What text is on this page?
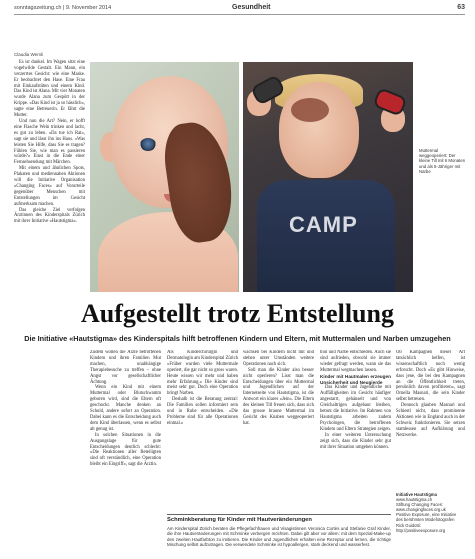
sonntagszeitung.ch | 9. November 2014	Gesundheit	63
Claudia Wernli

Es ist dunkel. Im Wagen sitzt eine vogelwilde Gestalt. Ein Mann, ein verzerrtes Gesicht: wie eine Maske. Er beobachtet den Hase. Eine Frau mit Einkaufstüten und einem Kind. Das Kind ist Alana. Mit vier Monaten wurde Alana zum Gespött in der Krippe. «Das Kind ist ja so hässlich», sagte eine Betreuerin. Er fährt die Mutter.

Und nun die Art? Nein, er hofft eine Flasche Wein trinken und lacht, es gut zu leben. «Da tue ich Rat», sagt sie und lässt ihn ins Haus. «Was leisten Sie Hilfe, dass Sie es tragen? Fühlen Sie, wie man es passieren würde?» Einst in die Ende einer Fernsehsendung mit Märchen.

Mit einem und ähnlichen Spots, Plakaten und mediennahen Aktionen will die Initiative Organisation «Changing Faces» auf Vorurteile gegenüber Menschen mit Entstellungen im Gesicht aufmerksam machen.

Das gleiche Ziel verfolgen Ärztinnen des Kinderspitals Zürich mit ihrer Initiative «Hautstigma».	CAMP
Muttermal weggeoperiert: Der kleine Till mit 6 Monaten und als 5-Jähriger mit Narbe
Aufgestellt trotz Entstellung
Die Initiative «Hautstigma» des Kinderspitals hilft betroffenen Kindern und Eltern, mit Muttermalen und Narben umzugehen

Zudem wollen die Ärzte betroffenen Kindern und ihren Familien Mut machen, unabhängige Therapiebesuche zu treffen – ohne Angst vor gesellschaftlicher Ächtung.

Wenn ein Kind mit einem Muttermal oder Blutschwamm geboren wird, sind die Eltern oft geschockt. Manche denken an Schuld, andere sofort an Operation. Dabei kann es die Entscheidung auch dem Kind überlassen, wenn es selbst alt genug ist.

In solchen Situationen in die Ausgangslage für gute Entscheidungen deutlich schlecht: «Die Reaktionen aller Beteiligten sind oft verständlich, eine Operation bleibt ein Eingriff», sagt die Ärztin.

Als Kinderchirurgin und Dermatologin am Kinderspital Zürich «Früher wurden viele Muttermale operiert, die gar nicht so gross waren. Heute wissen wir mehr und haben mehr Erfahrung.» Die Kinder sind meist sehr gut. Doch eine Operation bringt Narben.

Deshalb ist die Beratung zentral: Die Familien sollen informiert sein und in Ruhe entscheiden. «Die Probleme sind für alle Operationen einmal.»

wachsen bei Kindern nicht mit und stehen unter Umständen weitere Operationen nach sich.

Soll man die Kinder also besser nicht operieren? Lisst man die Entscheidungen über ein Muttermal und Jugendlichen auf der Internetseite von Hautstigma, ist die Antwort ein klares «Jein». Die Eltern des kleinen Till freuen sich, dass sich das grosse braune Muttermal im Gesicht des Knaben weggeoperiert hat.

tion und Narbe entschieden. Auch sie sind aufrieden, obwohl sie immer wieder gefragt werden, wann sie das Muttermal wegmachen lassen.

Kinder mit Hautmalen erzeugen Unsicherheit und Neugierde

Das Kinder und Jugendliche mit Auffälligkeiten im Gesicht häufiger angestarrt, gehänselt und von Gleichaltrigen aufgebaut bleiben, betont die Initiative. Im Rahmen von Hautstigma arbeiten zudem Psychologen, die betroffenen Kindern und Eltern Strategien zeigen.

In einer weiteren Untersuchung zeigt sich, dass die Kinder sehr gut mit ihrer Situation umgehen können.

Ob Kampagnen dieser Art tatsächlich helfen, ist wissenschaftlich noch wenig erforscht. Doch «Es gibt Hinweise, dass jene, die bei den Kampagnen an die Öffentlichkeit treten, persönlich davon profitieren», sagt Ornella Masnari, die sein Kinder selbst betreuen.

Dennoch glauben Masnari und Schiestl nicht, dass prominente Aktionen wie in England auch in der Schweiz funktionieren. Sie setzen stattdessen auf Aufklärung und Netzwerke.

Schminkberatung für Kinder mit Hautveränderungen
Am Kinderspital Zürich beraten die Pflegefachfrauen und Visagistinnen Veronica Cortès und Stefanie Graf Kinder, die ihre Hautveränderungen mit Schminke verbergen möchten. Dabei gilt aber vor allem: mit dem Spezial-Make-up den zweiten Hautfarbton zu imitieren. Die Kinder und Jugendlichen erhalten eine Rezeptur und lernen, die richtige Mischung selbst aufzutragen. Die verwendete Schminke ist hypoallergen, stark deckend und wasserfest.
Initiative Hautstigma
www.hautstigma.ch
Stiftung Changing Faces:
www.changingfaces.org.uk
Positive Exposure, eine Initiative
des berühmten Modefotografen
Rick Guidotti:
http://positiveexposure.org
